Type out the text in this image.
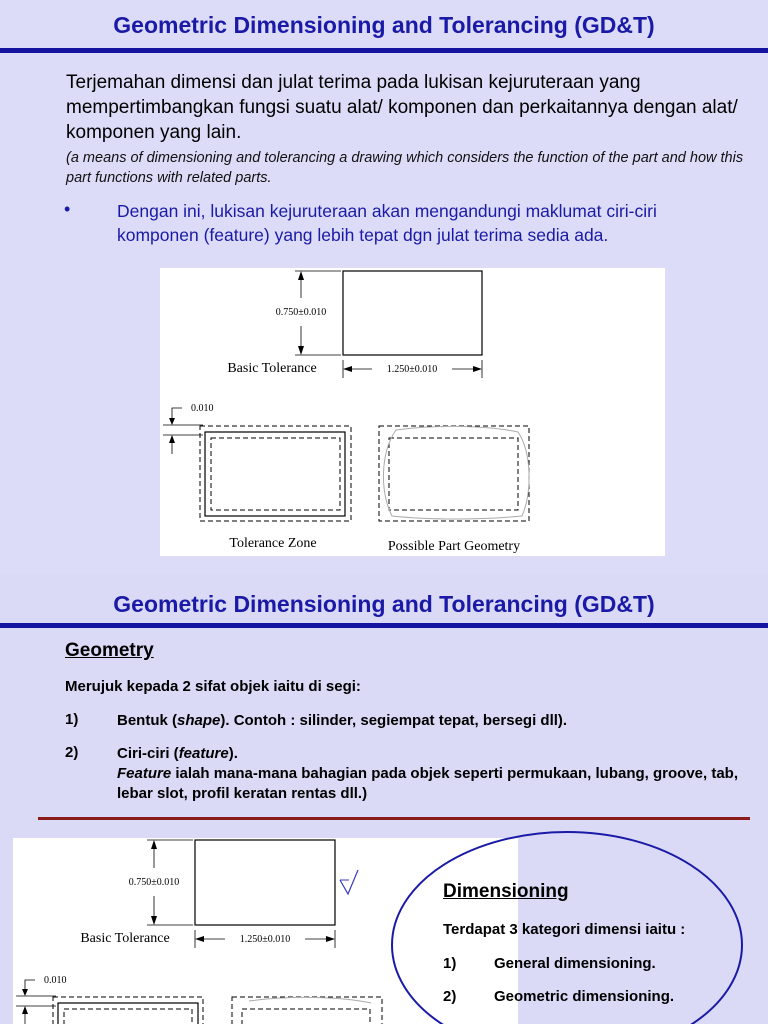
Geometric Dimensioning and Tolerancing (GD&T)
Terjemahan dimensi dan julat terima pada lukisan kejuruteraan yang mempertimbangkan fungsi suatu alat/ komponen dan perkaitannya dengan alat/ komponen yang lain.
(a means of dimensioning and tolerancing a drawing which considers the function of the part and how this part functions with related parts.
•	Dengan ini, lukisan kejuruteraan akan mengandungi maklumat ciri-ciri komponen (feature) yang lebih tepat dgn julat terima sedia ada.
0.750±0.010
1.250±0.010
Basic Tolerance
0.010
Tolerance Zone	Possible Part Geometry
Geometric Dimensioning and Tolerancing (GD&T)
Geometry
Merujuk kepada 2 sifat objek iaitu di segi:
1)	Bentuk (shape). Contoh : silinder, segiempat tepat, bersegi dll).
2)	Ciri-ciri (feature).
Feature ialah mana-mana bahagian pada objek seperti permukaan, lubang, groove, tab, lebar slot, profil keratan rentas dll.)
0.750±0.010
1.250±0.010
Basic Tolerance
0.010
Dimensioning
Terdapat 3 kategori dimensi iaitu :
1)	General dimensioning.
2)	Geometric dimensioning.
